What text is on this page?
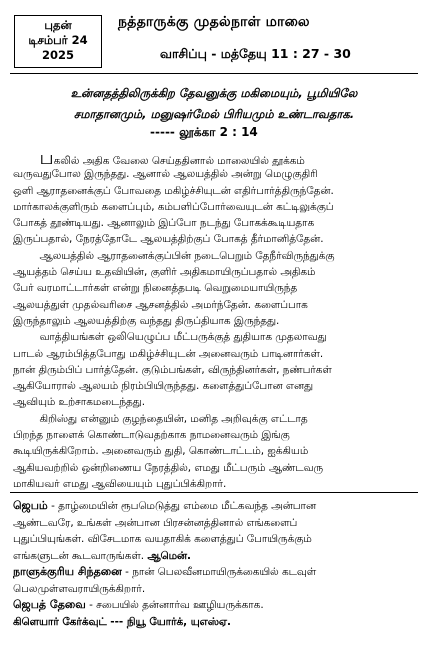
புதன்
டிசம்பர் 24
2025
நத்தாருக்கு முதல்நாள் மாலை
வாசிப்பு - மத்தேயு 11 : 27 - 30
உன்னதத்திலிருக்கிற தேவனுக்கு மகிமையும், பூமியிலே
சமாதானமும், மனுஷர்மேல் பிரியமும் உண்டாவதாக.
----- லூக்கா 2 : 14
பகலில் அதிக வேலை செய்ததினால் மாலையில் தூக்கம்
வருவதுபோல இருந்தது. ஆனால் ஆலயத்தில் அன்று மெழுகுதிரி
ஒளி ஆராதனைக்குப் போவதை மகிழ்ச்சியுடன் எதிர்பார்த்திருந்தேன்.
மார்காலக்குளிரும் களைப்பும், கம்பளிப்போர்வையுடன் கட்டிலுக்குப்
போகத் தூண்டியது. ஆனாலும் இப்போ நடந்து போகக்கூடியதாக
இருப்பதால், நேரத்தோடே ஆலயத்திற்குப் போகத் தீர்மானித்தேன்.
ஆலயத்தில் ஆராதனைக்குப்பின் நடைபெறும் தேநீர்விருந்துக்கு
ஆயத்தம் செய்ய உதவியின், குளிர் அதிகமாயிருப்பதால் அதிகம்
பேர் வரமாட்டார்கள் என்று நினைத்தபடி வெறுமையாயிருந்த
ஆலயத்துள் முதல்வரிசை ஆசனத்தில் அமர்ந்தேன். களைப்பாக
இருந்தாலும் ஆலயத்திற்கு வந்தது திருப்தியாக இருந்தது.
வாத்தியங்கள் ஒலியெழுப்ப மீட்பருக்குத் துதியாக முதலாவது
பாடல் ஆரம்பித்தபோது மகிழ்ச்சியுடன் அனைவரும் பாடினார்கள்.
நான் திரும்பிப் பார்த்தேன். குடும்பங்கள், விருந்தினர்கள், நண்பர்கள்
ஆகியோரால் ஆலயம் நிரம்பியிருந்தது. களைத்துப்போன எனது
ஆவியும் உற்சாகமடைந்தது.
கிறிஸ்து என்னும் குழந்தையின், மனித அறிவுக்கு எட்டாத
பிறந்த நாளைக் கொண்டாடுவதற்காக நாமனைவரும் இங்கு
கூடியிருக்கிறோம். அனைவரும் துதி, கொண்டாட்டம், ஐக்கியம்
ஆகியவற்றில் ஒன்றிணைய நேரத்தில், எமது மீட்பரும் ஆண்டவரு
மாகியவர் எமது ஆவியையும் புதுப்பிக்கிறார்.
ஜெபம் - தாழ்மையின் ரூபமெடுத்து எம்மை மீட்கவந்த அன்பான
ஆண்டவரே, உங்கள் அன்பான பிரசன்னத்தினால் எங்களைப்
புதுப்பியுங்கள். விசேடமாக வயதாகிக் களைத்துப் போயிருக்கும்
எங்களுடன் கூடவாருங்கள். ஆமென்.
நாளுக்குரிய சிந்தனை - நான் பெலவீனமாயிருக்கையில் கடவுள்
பெலமுள்ளவராயிருக்கிறார்.
ஜெபத் தேவை - சபையில் தன்னார்வ ஊழியருக்காக.
கிளெயார் கேர்க்வுட் --- நியூ யோர்க், யுஎஸ்ஏ.
